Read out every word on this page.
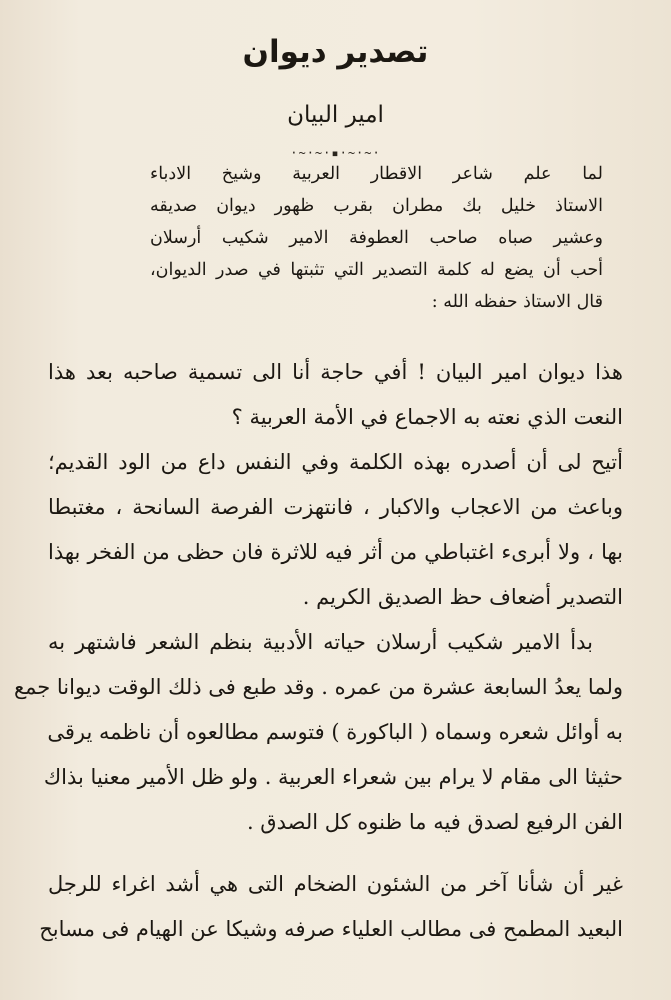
تصدير ديوان
امير البيان
·~·~·▪·~·~·
لما علم شاعر الاقطار العربية وشيخ الادباء
الاستاذ خليل بك مطران بقرب ظهور ديوان صديقه
وعشير صباه صاحب العطوفة الامير شكيب أرسلان
أحب أن يضع له كلمة التصدير التي تثبتها في صدر الديوان،
قال الاستاذ حفظه الله :
هذا ديوان امير البيان ! أفي حاجة أنا الى تسمية صاحبه بعد هذا
النعت الذي نعته به الاجماع في الأمة العربية ؟
أتيح لى أن أصدره بهذه الكلمة وفي النفس داع من الود القديم؛
وباعث من الاعجاب والاكبار ، فانتهزت الفرصة السانحة ، مغتبطا
بها ، ولا أبرىء اغتباطي من أثر فيه للاثرة فان حظى من الفخر بهذا
التصدير أضعاف حظ الصديق الكريم .
بدأ الامير شكيب أرسلان حياته الأدبية بنظم الشعر فاشتهر به
ولما يعدُ السابعة عشرة من عمره . وقد طبع فى ذلك الوقت ديوانا جمع
به أوائل شعره وسماه ( الباكورة ) فتوسم مطالعوه أن ناظمه يرقى
حثيثا الى مقام لا يرام بين شعراء العربية . ولو ظل الأمير معنيا بذاك
الفن الرفيع لصدق فيه ما ظنوه كل الصدق .
غير أن شأنا آخر من الشئون الضخام التى هي أشد اغراء للرجل
البعيد المطمح فى مطالب العلياء صرفه وشيكا عن الهيام فى مسابح
